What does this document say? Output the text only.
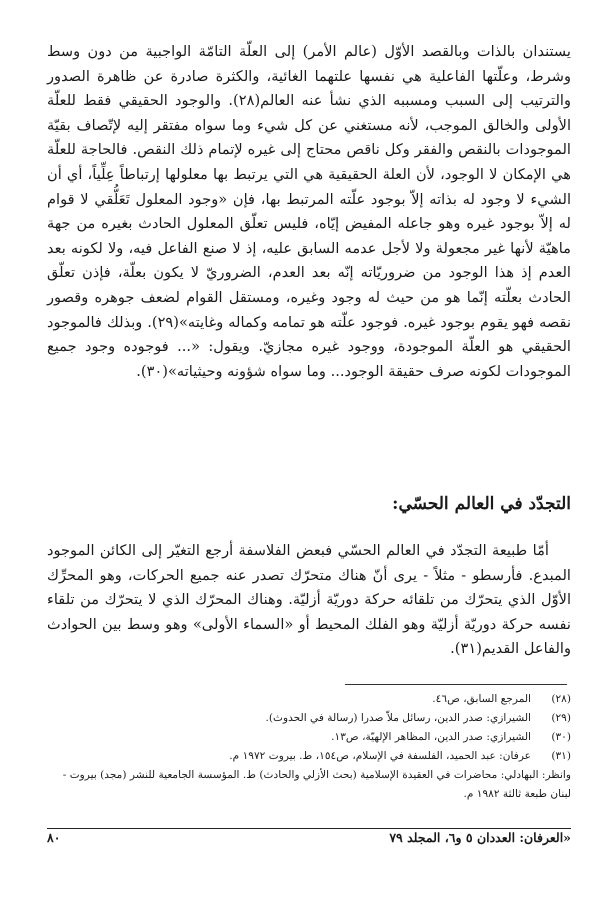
يستندان بالذات وبالقصد الأوّل (عالم الأمر) إلى العلّة التامّة الواجبية من دون وسط وشرط، وعلّتها الفاعلية هي نفسها علتهما الغائية، والكثرة صادرة عن ظاهرة الصدور والترتيب إلى السبب ومسببه الذي نشأ عنه العالم(٢٨). والوجود الحقيقي فقط للعلّة الأولى والخالق الموجب، لأنه مستغني عن كل شيء وما سواه مفتقر إليه لإتّصاف بقيّة الموجودات بالنقص والفقر وكل ناقص محتاج إلى غيره لإتمام ذلك النقص. فالحاجة للعلّة هي الإمكان لا الوجود، لأن العلة الحقيقية هي التي يرتبط بها معلولها إرتباطاً عِلِّياً، أي أن الشيء لا وجود له بذاته إلاّ بوجود علّته المرتبط بها، فإن «وجود المعلول تَعَلُّقي لا قوام له إلاّ بوجود غيره وهو جاعله المفيض إيّاه، فليس تعلّق المعلول الحادث بغيره من جهة ماهيّة لأنها غير مجعولة ولا لأجل عدمه السابق عليه، إذ لا صنع الفاعل فيه، ولا لكونه بعد العدم إذ هذا الوجود من ضروريّاته إنّه بعد العدم، الضروريّ لا يكون بعلّة، فإذن تعلّق الحادث بعلّته إنّما هو من حيث له وجود وغيره، ومستقل القوام لضعف جوهره وقصور نقصه فهو يقوم بوجود غيره. فوجود علّته هو تمامه وكماله وغايته»(٢٩). وبذلك فالموجود الحقيقي هو العلّة الموجودة، ووجود غيره مجازيّ. ويقول: «... فوجوده وجود جميع الموجودات لكونه صرف حقيقة الوجود... وما سواه شؤونه وحيثياته»(٣٠).

التجدّد في العالم الحسّي:

أمّا طبيعة التجدّد في العالم الحسّي فبعض الفلاسفة أرجع التغيّر إلى الكائن الموجود المبدع. فأرسطو - مثلاً - يرى أنّ هناك متحرّك تصدر عنه جميع الحركات، وهو المحرِّك الأوّل الذي يتحرّك من تلقائه حركة دوريّة أزليّة. وهناك المحرّك الذي لا يتحرّك من تلقاء نفسه حركة دوريّة أزليّة وهو الفلك المحيط أو «السماء الأولى» وهو وسط بين الحوادث والفاعل القديم(٣١).

(٢٨)
المرجع السابق، ص٤٦.
(٢٩)
الشيرازي: صدر الدين، رسائل ملاّ صدرا (رسالة في الحدوث).
(٣٠)
الشيرازي: صدر الدين، المظاهر الإلهيّة، ص١٣.
(٣١)
عرفان: عبد الحميد، الفلسفة في الإسلام، ص١٥٤، ط. بيروت ١٩٧٢ م.
وانظر: البهادلي: محاضرات في العقيدة الإسلامية (بحث الأزلي والحادث) ط. المؤسسة الجامعية للنشر (مجد) بيروت - لبنان طبعة ثالثة ١٩٨٢ م.
«العرفان: العددان ٥ و٦، المجلد ٧٩
٨٠
